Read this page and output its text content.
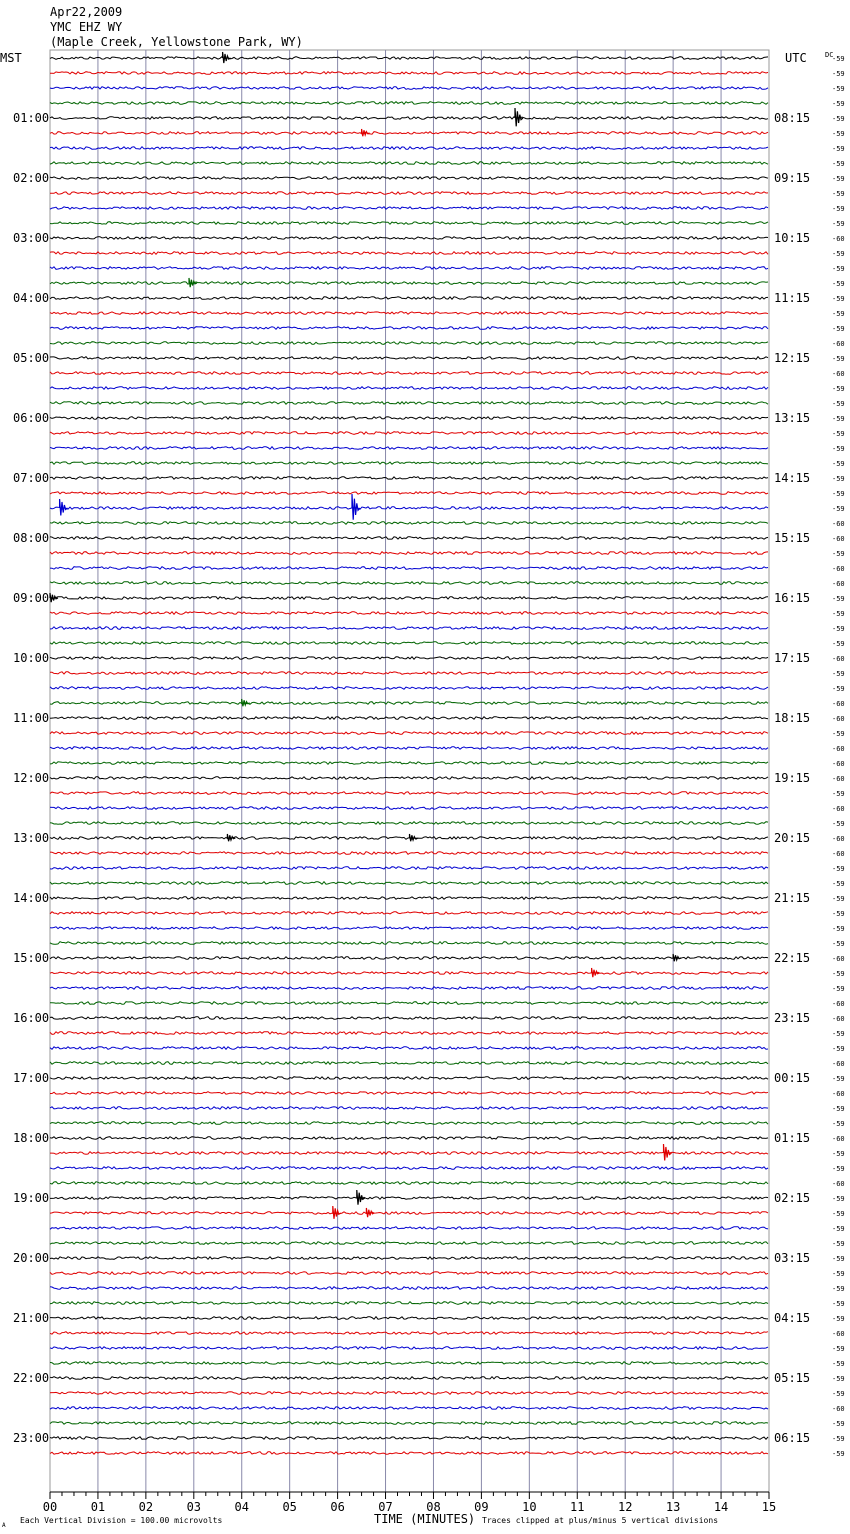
Apr22,2009
YMC EHZ WY
(Maple Creek, Yellowstone Park, WY)
MST	UTC	DC
01:00
02:00
03:00
04:00
05:00
06:00
07:00
08:00
09:00
10:00
11:00
12:00
13:00
14:00
15:00
16:00
17:00
18:00
19:00
20:00
21:00
22:00
23:00
08:15
09:15
10:15
11:15
12:15
13:15
14:15
15:15
16:15
17:15
18:15
19:15
20:15
21:15
22:15
23:15
00:15
01:15
02:15
03:15
04:15
05:15
06:15
-59
-59
-59
-59
-59
-59
-59
-59
-59
-59
-59
-59
-60
-59
-59
-59
-59
-59
-59
-60
-59
-60
-59
-59
-59
-59
-59
-59
-59
-59
-59
-60
-60
-59
-60
-60
-59
-59
-59
-59
-60
-59
-59
-60
-60
-59
-60
-60
-60
-59
-60
-59
-60
-60
-59
-59
-59
-59
-59
-59
-60
-59
-59
-60
-60
-59
-59
-60
-59
-60
-59
-59
-60
-59
-59
-60
-59
-59
-59
-59
-59
-59
-59
-59
-59
-60
-59
-59
-59
-59
-60
-59
-59
-59
00	01	02	03	04	05	06	07	08	09	10	11	12	13	14	15
TIME (MINUTES)
A
Each Vertical Division = 100.00 microvolts	Traces clipped at plus/minus 5 vertical divisions
